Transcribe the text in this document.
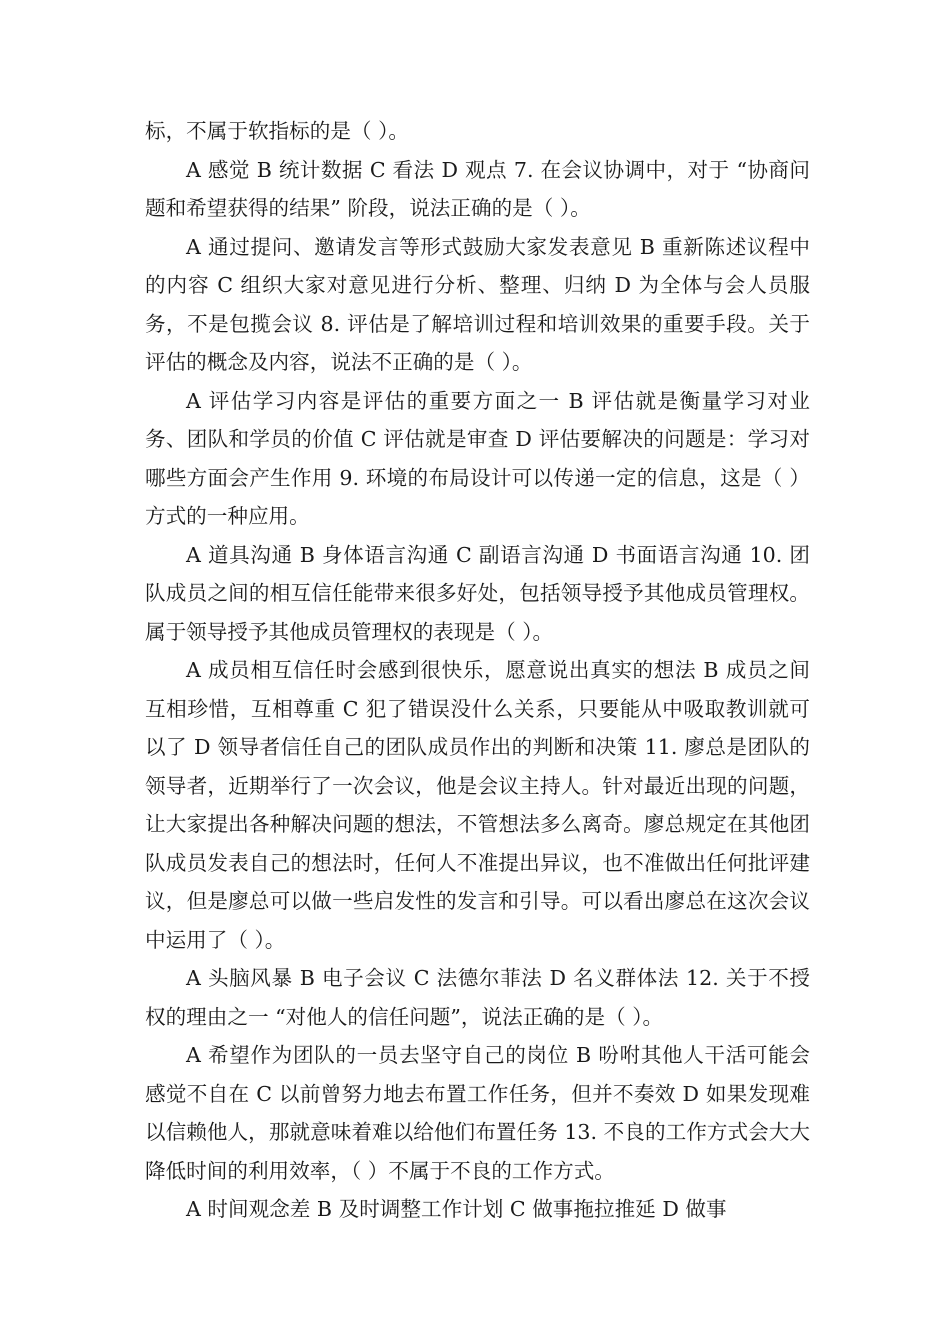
标，不属于软指标的是（ ）。

A 感觉 B 统计数据 C 看法 D 观点 7. 在会议协调中，对于 “协商问题和希望获得的结果” 阶段，说法正确的是（ ）。

A 通过提问、邀请发言等形式鼓励大家发表意见 B 重新陈述议程中的内容 C 组织大家对意见进行分析、整理、归纳 D 为全体与会人员服务，不是包揽会议 8. 评估是了解培训过程和培训效果的重要手段。关于评估的概念及内容，说法不正确的是（ ）。

A 评估学习内容是评估的重要方面之一 B 评估就是衡量学习对业务、团队和学员的价值 C 评估就是审查 D 评估要解决的问题是：学习对哪些方面会产生作用 9. 环境的布局设计可以传递一定的信息，这是（ ）方式的一种应用。

A 道具沟通 B 身体语言沟通 C 副语言沟通 D 书面语言沟通 10. 团队成员之间的相互信任能带来很多好处，包括领导授予其他成员管理权。属于领导授予其他成员管理权的表现是（ ）。

A 成员相互信任时会感到很快乐，愿意说出真实的想法 B 成员之间互相珍惜，互相尊重 C 犯了错误没什么关系，只要能从中吸取教训就可以了 D 领导者信任自己的团队成员作出的判断和决策 11. 廖总是团队的领导者，近期举行了一次会议，他是会议主持人。针对最近出现的问题，让大家提出各种解决问题的想法，不管想法多么离奇。廖总规定在其他团队成员发表自己的想法时，任何人不准提出异议，也不准做出任何批评建议，但是廖总可以做一些启发性的发言和引导。可以看出廖总在这次会议中运用了（ ）。

A 头脑风暴 B 电子会议 C 法德尔菲法 D 名义群体法 12. 关于不授权的理由之一 “对他人的信任问题”，说法正确的是（ ）。

A 希望作为团队的一员去坚守自己的岗位 B 吩咐其他人干活可能会感觉不自在 C 以前曾努力地去布置工作任务，但并不奏效 D 如果发现难以信赖他人，那就意味着难以给他们布置任务 13. 不良的工作方式会大大降低时间的利用效率，（ ）不属于不良的工作方式。

A 时间观念差 B 及时调整工作计划 C 做事拖拉推延 D 做事
